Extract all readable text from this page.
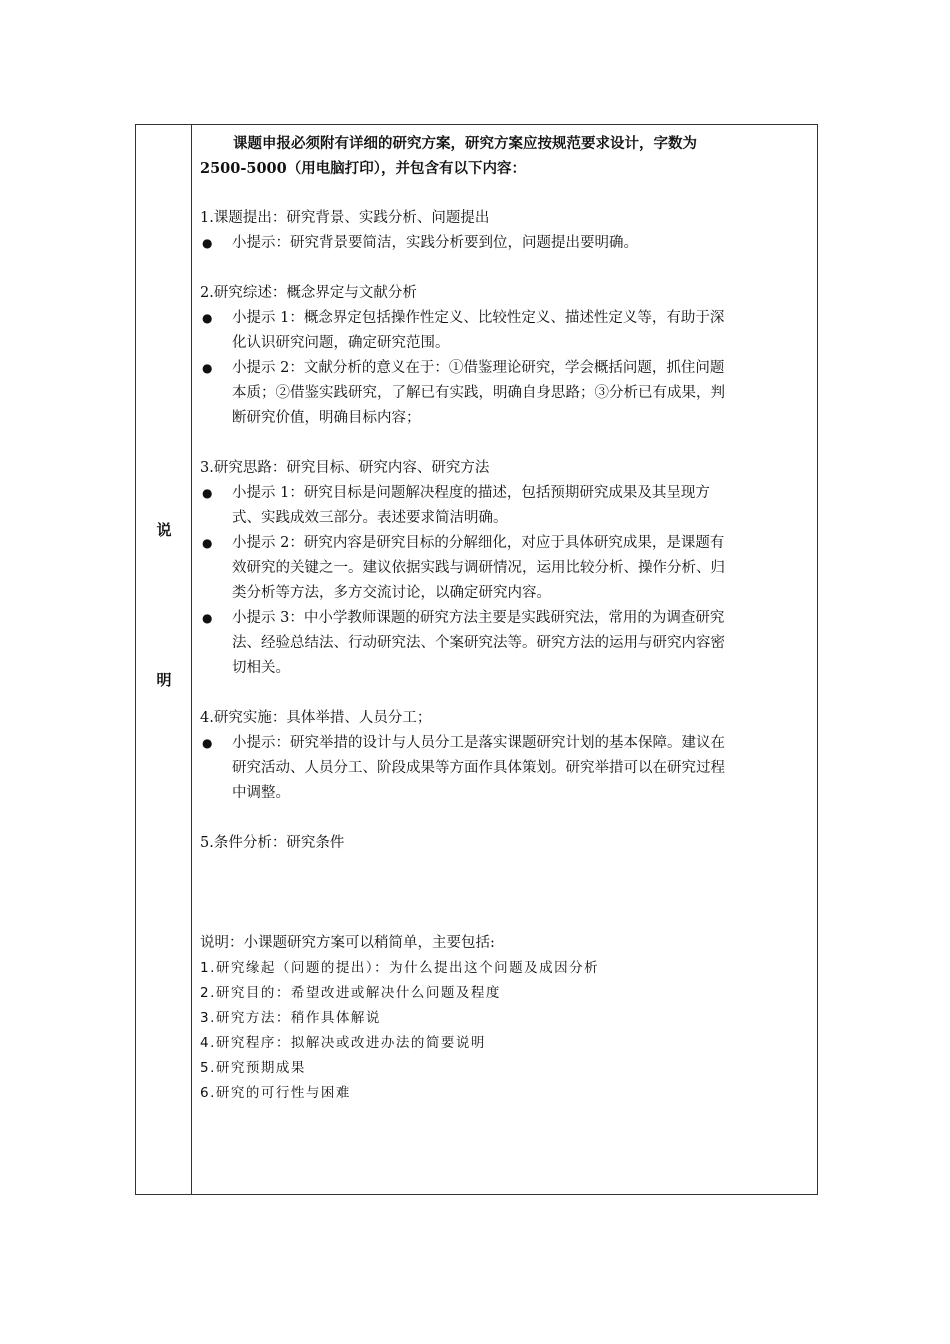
说
明
课题申报必须附有详细的研究方案，研究方案应按规范要求设计，字数为
2500-5000（用电脑打印），并包含有以下内容：
1.课题提出：研究背景、实践分析、问题提出
● 小提示：研究背景要简洁，实践分析要到位，问题提出要明确。
2.研究综述：概念界定与文献分析
● 小提示 1：概念界定包括操作性定义、比较性定义、描述性定义等，有助于深
化认识研究问题，确定研究范围。
● 小提示 2：文献分析的意义在于：①借鉴理论研究，学会概括问题，抓住问题
本质；②借鉴实践研究，了解已有实践，明确自身思路；③分析已有成果，判
断研究价值，明确目标内容；
3.研究思路：研究目标、研究内容、研究方法
● 小提示 1：研究目标是问题解决程度的描述，包括预期研究成果及其呈现方
式、实践成效三部分。表述要求简洁明确。
● 小提示 2：研究内容是研究目标的分解细化，对应于具体研究成果，是课题有
效研究的关键之一。建议依据实践与调研情况，运用比较分析、操作分析、归
类分析等方法，多方交流讨论，以确定研究内容。
● 小提示 3：中小学教师课题的研究方法主要是实践研究法，常用的为调查研究
法、经验总结法、行动研究法、个案研究法等。研究方法的运用与研究内容密
切相关。
4.研究实施：具体举措、人员分工；
● 小提示：研究举措的设计与人员分工是落实课题研究计划的基本保障。建议在
研究活动、人员分工、阶段成果等方面作具体策划。研究举措可以在研究过程
中调整。
5.条件分析：研究条件
说明：小课题研究方案可以稍简单，主要包括:
1.研究缘起（问题的提出）：为什么提出这个问题及成因分析
2.研究目的：希望改进或解决什么问题及程度
3.研究方法：稍作具体解说
4.研究程序：拟解决或改进办法的简要说明
5.研究预期成果
6.研究的可行性与困难
